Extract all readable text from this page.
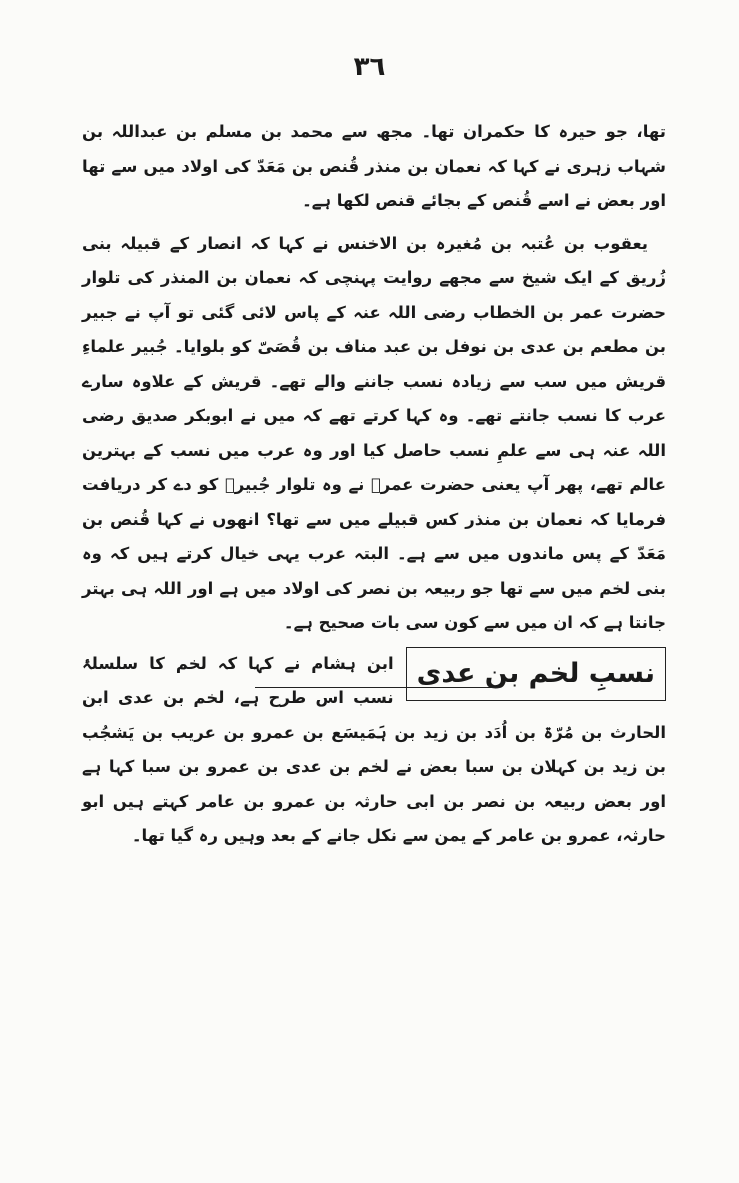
٣٦

تھا، جو حیرہ کا حکمران تھا۔ مجھ سے محمد بن مسلم بن عبداللہ بن شہاب زہری نے کہا کہ نعمان بن منذر قُنص بن مَعَدّ کی اولاد میں سے تھا اور بعض نے اسے قُنص کے بجائے قنص لکھا ہے۔

یعقوب بن عُتبہ بن مُغیرہ بن الاخنس نے کہا کہ انصار کے قبیلہ بنی زُریق کے ایک شیخ سے مجھے روایت پہنچی کہ نعمان بن المنذر کی تلوار حضرت عمر بن الخطاب رضی اللہ عنہ کے پاس لائی گئی تو آپ نے جبیر بن مطعم بن عدی بن نوفل بن عبد مناف بن قُصَیّ کو بلوایا۔ جُبیر علماءِ قریش میں سب سے زیادہ نسب جاننے والے تھے۔ قریش کے علاوہ سارے عرب کا نسب جانتے تھے۔ وہ کہا کرتے تھے کہ میں نے ابوبکر صدیق رضی اللہ عنہ ہی سے علمِ نسب حاصل کیا اور وہ عرب میں نسب کے بہترین عالم تھے، پھر آپ یعنی حضرت عمرؓ نے وہ تلوار جُبیرؓ کو دے کر دریافت فرمایا کہ نعمان بن منذر کس قبیلے میں سے تھا؟ انھوں نے کہا قُنص بن مَعَدّ کے پس ماندوں میں سے ہے۔ البتہ عرب یہی خیال کرتے ہیں کہ وہ بنی لخم میں سے تھا جو ربیعہ بن نصر کی اولاد میں ہے اور اللہ ہی بہتر جانتا ہے کہ ان میں سے کون سی بات صحیح ہے۔

نسبِ لخم بن عدی

ابن ہشام نے کہا کہ لخم کا سلسلۂ نسب اس طرح ہے، لخم بن عدی ابن الحارث بن مُرّۃ بن اُدَد بن زید بن ہَمَیسَع بن عمرو بن عریب بن یَشجُب بن زید بن کہلان بن سبا بعض نے لخم بن عدی بن عمرو بن سبا کہا ہے اور بعض ربیعہ بن نصر بن ابی حارثہ بن عمرو بن عامر کہتے ہیں ابو حارثہ، عمرو بن عامر کے یمن سے نکل جانے کے بعد وہیں رہ گیا تھا۔
